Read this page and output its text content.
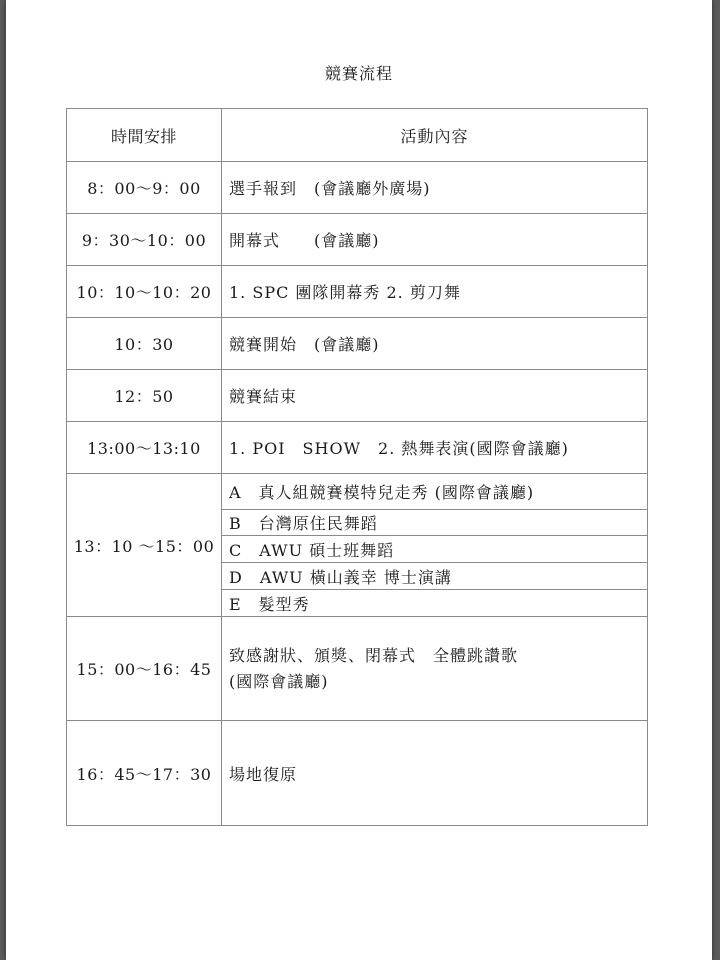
競賽流程
時間安排	活動內容
8：00～9：00	選手報到　(會議廳外廣場)
9：30～10：00	開幕式　　(會議廳)
10：10～10：20	1. SPC 團隊開幕秀 2. 剪刀舞
10：30	競賽開始　(會議廳)
12：50	競賽結束
13:00～13:10	1. POI　SHOW　2. 熱舞表演(國際會議廳)
13：10 ～15：00	A　真人組競賽模特兒走秀 (國際會議廳)
B　台灣原住民舞蹈
C　AWU 碩士班舞蹈
D　AWU 橫山義幸 博士演講
E　髮型秀

15：00～16：45	致感謝狀、頒獎、閉幕式　全體跳讚歌
(國際會議廳)

16：45～17：30	場地復原
